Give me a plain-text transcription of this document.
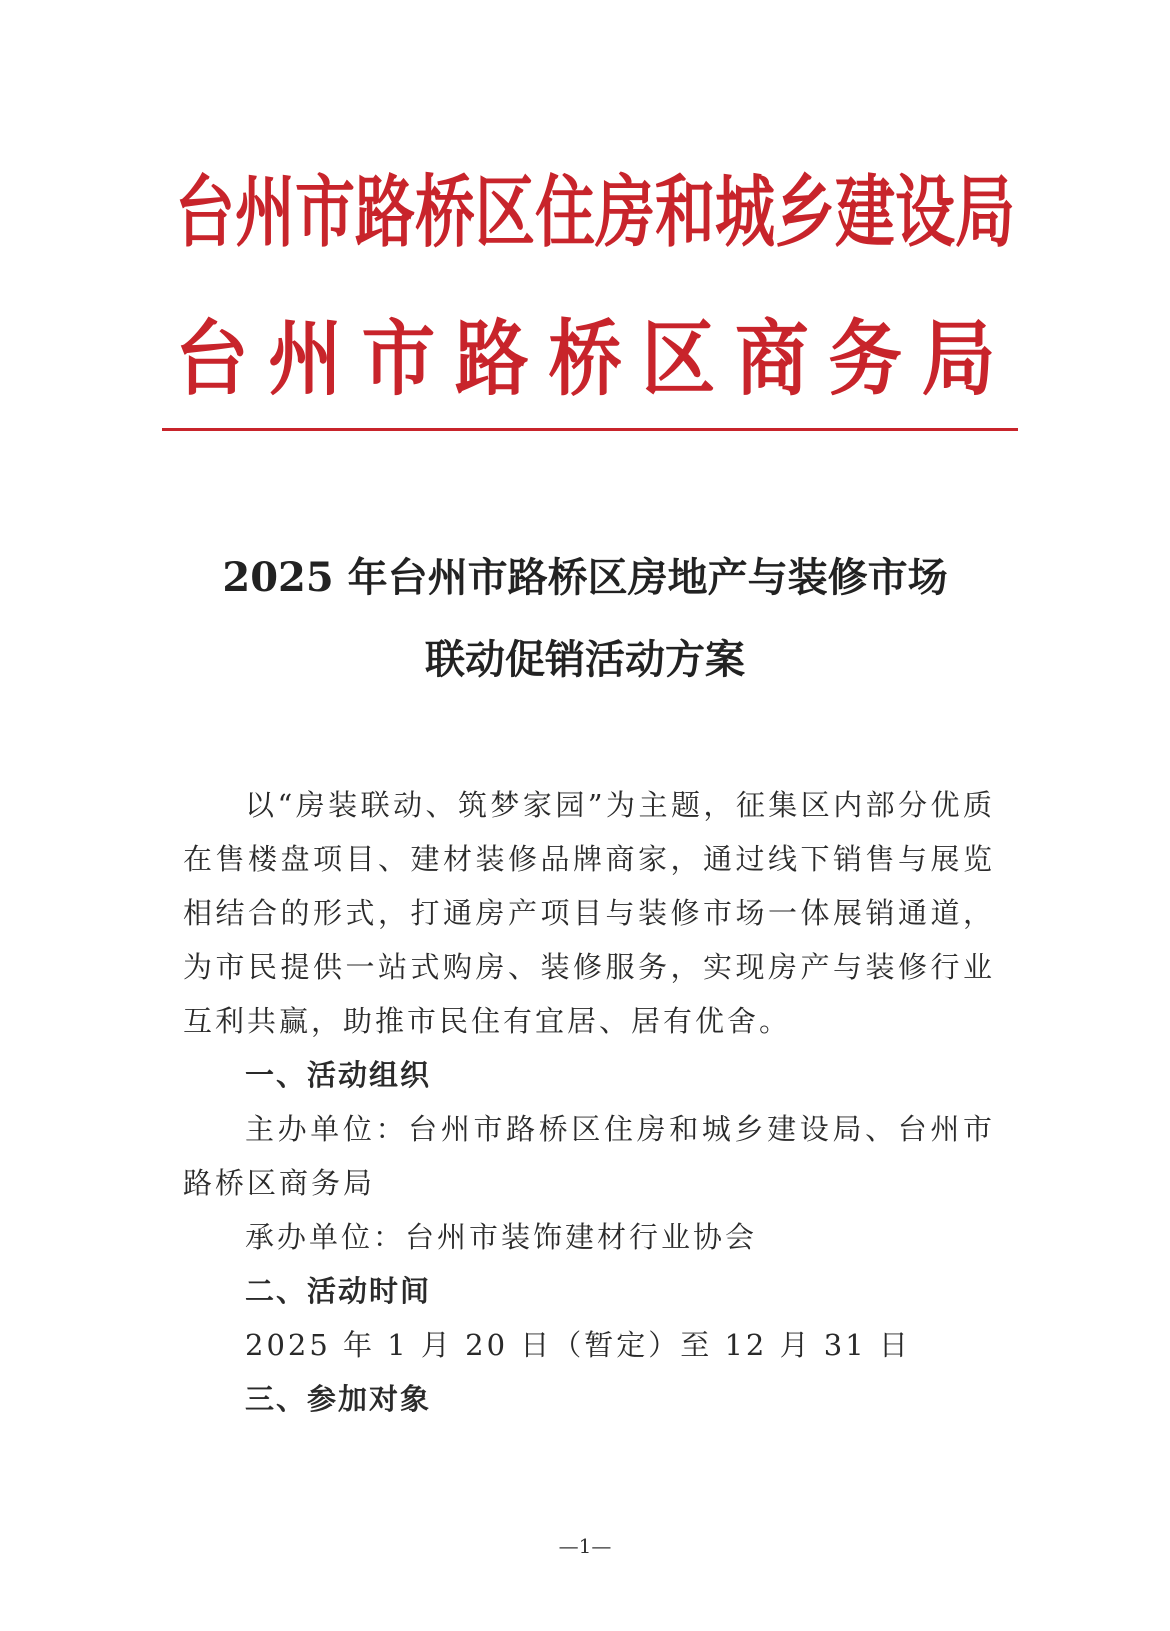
台州市路桥区住房和城乡建设局
台州市路桥区商务局
2025 年台州市路桥区房地产与装修市场
联动促销活动方案

以“房装联动、筑梦家园”为主题，征集区内部分优质在售楼盘项目、建材装修品牌商家，通过线下销售与展览相结合的形式，打通房产项目与装修市场一体展销通道，为市民提供一站式购房、装修服务，实现房产与装修行业互利共赢，助推市民住有宜居、居有优舍。

一、活动组织

主办单位：台州市路桥区住房和城乡建设局、台州市路桥区商务局

承办单位：台州市装饰建材行业协会

二、活动时间

2025 年 1 月 20 日（暂定）至 12 月 31 日

三、参加对象

—1—
